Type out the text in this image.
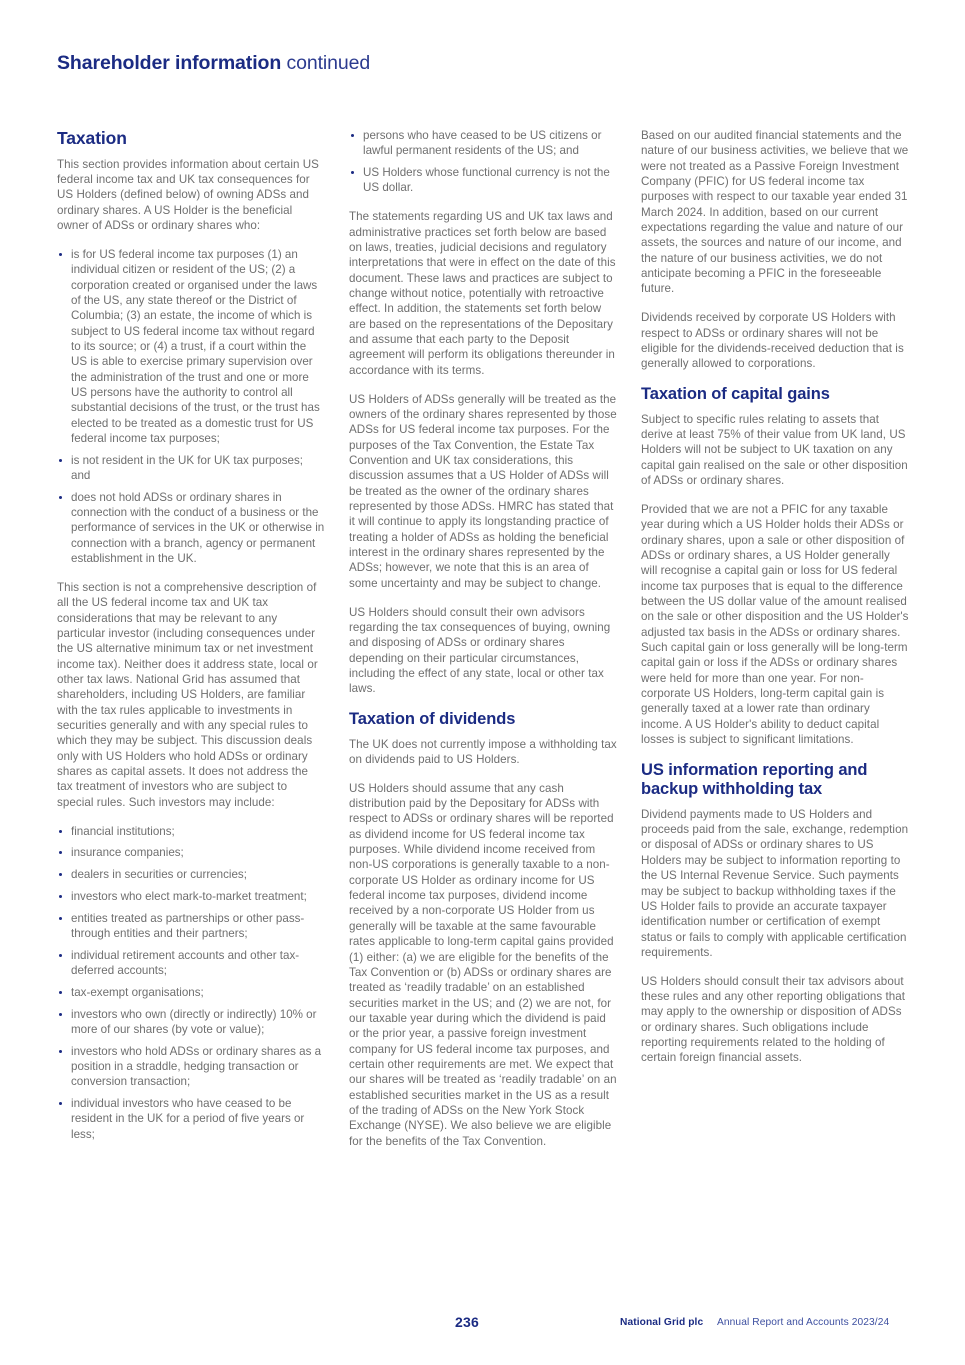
Shareholder information continued
Taxation

This section provides information about certain US federal income tax and UK tax consequences for US Holders (defined below) of owning ADSs and ordinary shares. A US Holder is the beneficial owner of ADSs or ordinary shares who:

is for US federal income tax purposes (1) an individual citizen or resident of the US; (2) a corporation created or organised under the laws of the US, any state thereof or the District of Columbia; (3) an estate, the income of which is subject to US federal income tax without regard to its source; or (4) a trust, if a court within the US is able to exercise primary supervision over the administration of the trust and one or more US persons have the authority to control all substantial decisions of the trust, or the trust has elected to be treated as a domestic trust for US federal income tax purposes;
is not resident in the UK for UK tax purposes; and
does not hold ADSs or ordinary shares in connection with the conduct of a business or the performance of services in the UK or otherwise in connection with a branch, agency or permanent establishment in the UK.

This section is not a comprehensive description of all the US federal income tax and UK tax considerations that may be relevant to any particular investor (including consequences under the US alternative minimum tax or net investment income tax). Neither does it address state, local or other tax laws. National Grid has assumed that shareholders, including US Holders, are familiar with the tax rules applicable to investments in securities generally and with any special rules to which they may be subject. This discussion deals only with US Holders who hold ADSs or ordinary shares as capital assets. It does not address the tax treatment of investors who are subject to special rules. Such investors may include:

financial institutions;
insurance companies;
dealers in securities or currencies;
investors who elect mark-to-market treatment;
entities treated as partnerships or other pass-through entities and their partners;
individual retirement accounts and other tax-deferred accounts;
tax-exempt organisations;
investors who own (directly or indirectly) 10% or more of our shares (by vote or value);
investors who hold ADSs or ordinary shares as a position in a straddle, hedging transaction or conversion transaction;
individual investors who have ceased to be resident in the UK for a period of five years or less;
persons who have ceased to be US citizens or lawful permanent residents of the US; and
US Holders whose functional currency is not the US dollar.

The statements regarding US and UK tax laws and administrative practices set forth below are based on laws, treaties, judicial decisions and regulatory interpretations that were in effect on the date of this document. These laws and practices are subject to change without notice, potentially with retroactive effect. In addition, the statements set forth below are based on the representations of the Depositary and assume that each party to the Deposit agreement will perform its obligations thereunder in accordance with its terms.

US Holders of ADSs generally will be treated as the owners of the ordinary shares represented by those ADSs for US federal income tax purposes. For the purposes of the Tax Convention, the Estate Tax Convention and UK tax considerations, this discussion assumes that a US Holder of ADSs will be treated as the owner of the ordinary shares represented by those ADSs. HMRC has stated that it will continue to apply its longstanding practice of treating a holder of ADSs as holding the beneficial interest in the ordinary shares represented by the ADSs; however, we note that this is an area of some uncertainty and may be subject to change.

US Holders should consult their own advisors regarding the tax consequences of buying, owning and disposing of ADSs or ordinary shares depending on their particular circumstances, including the effect of any state, local or other tax laws.

Taxation of dividends

The UK does not currently impose a withholding tax on dividends paid to US Holders.

US Holders should assume that any cash distribution paid by the Depositary for ADSs with respect to ADSs or ordinary shares will be reported as dividend income for US federal income tax purposes. While dividend income received from non-US corporations is generally taxable to a non-corporate US Holder as ordinary income for US federal income tax purposes, dividend income received by a non-corporate US Holder from us generally will be taxable at the same favourable rates applicable to long-term capital gains provided (1) either: (a) we are eligible for the benefits of the Tax Convention or (b) ADSs or ordinary shares are treated as ‘readily tradable’ on an established securities market in the US; and (2) we are not, for our taxable year during which the dividend is paid or the prior year, a passive foreign investment company for US federal income tax purposes, and certain other requirements are met. We expect that our shares will be treated as ‘readily tradable’ on an established securities market in the US as a result of the trading of ADSs on the New York Stock Exchange (NYSE). We also believe we are eligible for the benefits of the Tax Convention.

Based on our audited financial statements and the nature of our business activities, we believe that we were not treated as a Passive Foreign Investment Company (PFIC) for US federal income tax purposes with respect to our taxable year ended 31 March 2024. In addition, based on our current expectations regarding the value and nature of our assets, the sources and nature of our income, and the nature of our business activities, we do not anticipate becoming a PFIC in the foreseeable future.

Dividends received by corporate US Holders with respect to ADSs or ordinary shares will not be eligible for the dividends-received deduction that is generally allowed to corporations.

Taxation of capital gains

Subject to specific rules relating to assets that derive at least 75% of their value from UK land, US Holders will not be subject to UK taxation on any capital gain realised on the sale or other disposition of ADSs or ordinary shares.

Provided that we are not a PFIC for any taxable year during which a US Holder holds their ADSs or ordinary shares, upon a sale or other disposition of ADSs or ordinary shares, a US Holder generally will recognise a capital gain or loss for US federal income tax purposes that is equal to the difference between the US dollar value of the amount realised on the sale or other disposition and the US Holder's adjusted tax basis in the ADSs or ordinary shares. Such capital gain or loss generally will be long-term capital gain or loss if the ADSs or ordinary shares were held for more than one year. For non-corporate US Holders, long-term capital gain is generally taxed at a lower rate than ordinary income. A US Holder's ability to deduct capital losses is subject to significant limitations.

US information reporting and backup withholding tax

Dividend payments made to US Holders and proceeds paid from the sale, exchange, redemption or disposal of ADSs or ordinary shares to US Holders may be subject to information reporting to the US Internal Revenue Service. Such payments may be subject to backup withholding taxes if the US Holder fails to provide an accurate taxpayer identification number or certification of exempt status or fails to comply with applicable certification requirements.

US Holders should consult their tax advisors about these rules and any other reporting obligations that may apply to the ownership or disposition of ADSs or ordinary shares. Such obligations include reporting requirements related to the holding of certain foreign financial assets.

236	National Grid plc Annual Report and Accounts 2023/24
